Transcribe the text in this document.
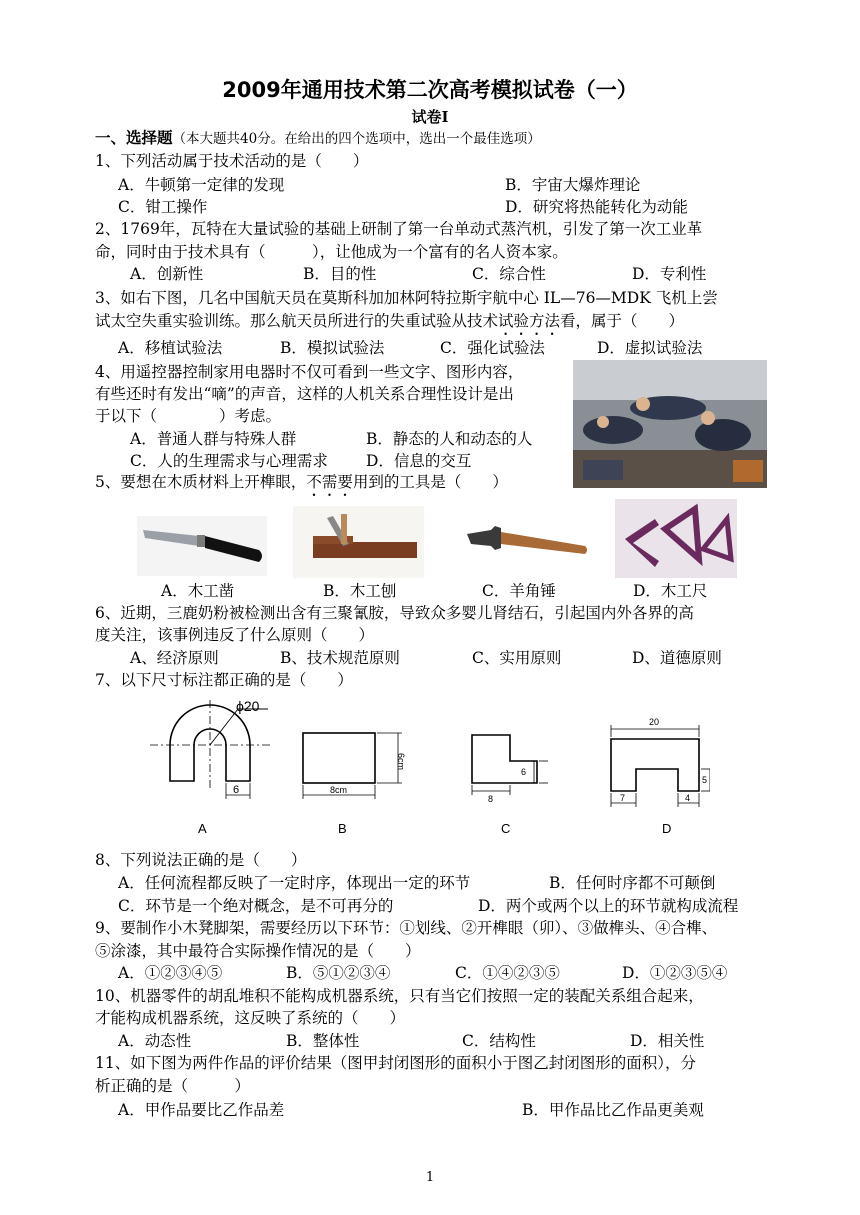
2009年通用技术第二次高考模拟试卷（一）
试卷Ⅰ
一、选择题（本大题共40分。在给出的四个选项中，选出一个最佳选项）
1、下列活动属于技术活动的是（　　）
A．牛顿第一定律的发现	B．宇宙大爆炸理论
C．钳工操作	D．研究将热能转化为动能
2、1769年，瓦特在大量试验的基础上研制了第一台单动式蒸汽机，引发了第一次工业革
命，同时由于技术具有（　　　），让他成为一个富有的名人资本家。
A．创新性	B．目的性	C．综合性	D．专利性
3、如右下图，几名中国航天员在莫斯科加加林阿特拉斯宇航中心 IL—76—MDK 飞机上尝
试太空失重实验训练。那么航天员所进行的失重试验从技术试验方法看，属于（　　）
A．移植试验法	B．模拟试验法	C．强化试验法	D．虚拟试验法
4、用遥控器控制家用电器时不仅可看到一些文字、图形内容，
有些还时有发出“嘀”的声音，这样的人机关系合理性设计是出
于以下（　　　　）考虑。
A．普通人群与特殊人群	B．静态的人和动态的人
C．人的生理需求与心理需求 D．信息的交互
5、要想在木质材料上开榫眼，不需要用到的工具是（　　）
A．木工凿	B．木工刨	C．羊角锤	D．木工尺
6、近期，三鹿奶粉被检测出含有三聚氰胺，导致众多婴儿肾结石，引起国内外各界的高
度关注，该事例违反了什么原则（　　）
A、经济原则	B、技术规范原则	C、实用原则	D、道德原则
7、以下尺寸标注都正确的是（　　）
ϕ20
6	8cm
6cm
8
6
20
7	4
5
A	B	C	D
8、下列说法正确的是（　　）
A．任何流程都反映了一定时序，体现出一定的环节	B．任何时序都不可颠倒
C．环节是一个绝对概念，是不可再分的	D．两个或两个以上的环节就构成流程
9、要制作小木凳脚架，需要经历以下环节：①划线、②开榫眼（卯）、③做榫头、④合榫、
⑤涂漆，其中最符合实际操作情况的是（　　）
A．①②③④⑤	B．⑤①②③④	C．①④②③⑤	D．①②③⑤④
10、机器零件的胡乱堆积不能构成机器系统，只有当它们按照一定的装配关系组合起来，
才能构成机器系统，这反映了系统的（　　）
A．动态性	B．整体性	C．结构性	D．相关性
11、如下图为两件作品的评价结果（图甲封闭图形的面积小于图乙封闭图形的面积），分
析正确的是（　　　）
A．甲作品要比乙作品差	B．甲作品比乙作品更美观
1
